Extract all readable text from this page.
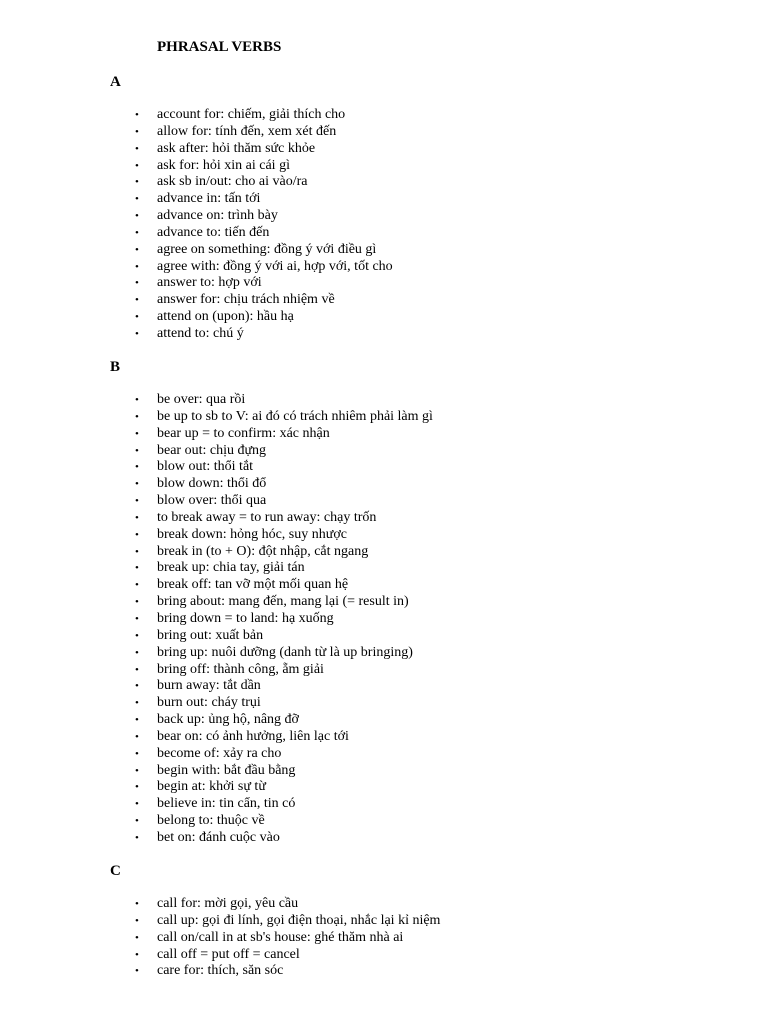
PHRASAL VERBS
A
• account for: chiếm, giải thích cho
• allow for: tính đến, xem xét đến
• ask after: hỏi thăm sức khỏe
• ask for: hỏi xin ai cái gì
• ask sb in/out: cho ai vào/ra
• advance in: tấn tới
• advance on: trình bày
• advance to: tiến đến
• agree on something: đồng ý với điều gì
• agree with: đồng ý với ai, hợp với, tốt cho
• answer to: hợp với
• answer for: chịu trách nhiệm về
• attend on (upon): hầu hạ
• attend to: chú ý
B
• be over: qua rồi
• be up to sb to V: ai đó có trách nhiêm phải làm gì
• bear up = to confirm: xác nhận
• bear out: chịu đựng
• blow out: thổi tắt
• blow down: thổi đổ
• blow over: thổi qua
• to break away = to run away: chạy trốn
• break down: hỏng hóc, suy nhược
• break in (to + O): đột nhập, cắt ngang
• break up: chia tay, giải tán
• break off: tan vỡ một mối quan hệ
• bring about: mang đến, mang lại (= result in)
• bring down = to land: hạ xuống
• bring out: xuất bản
• bring up: nuôi dưỡng (danh từ là up bringing)
• bring off: thành công, ẵm giải
• burn away: tắt dần
• burn out: cháy trụi
• back up: ủng hộ, nâng đỡ
• bear on: có ảnh hưởng, liên lạc tới
• become of: xảy ra cho
• begin with: bắt đầu bằng
• begin at: khởi sự từ
• believe in: tin cẩn, tin có
• belong to: thuộc về
• bet on: đánh cuộc vào
C
• call for: mời gọi, yêu cầu
• call up: gọi đi lính, gọi điện thoại, nhắc lại kỉ niệm
• call on/call in at sb's house: ghé thăm nhà ai
• call off = put off = cancel
• care for: thích, săn sóc
